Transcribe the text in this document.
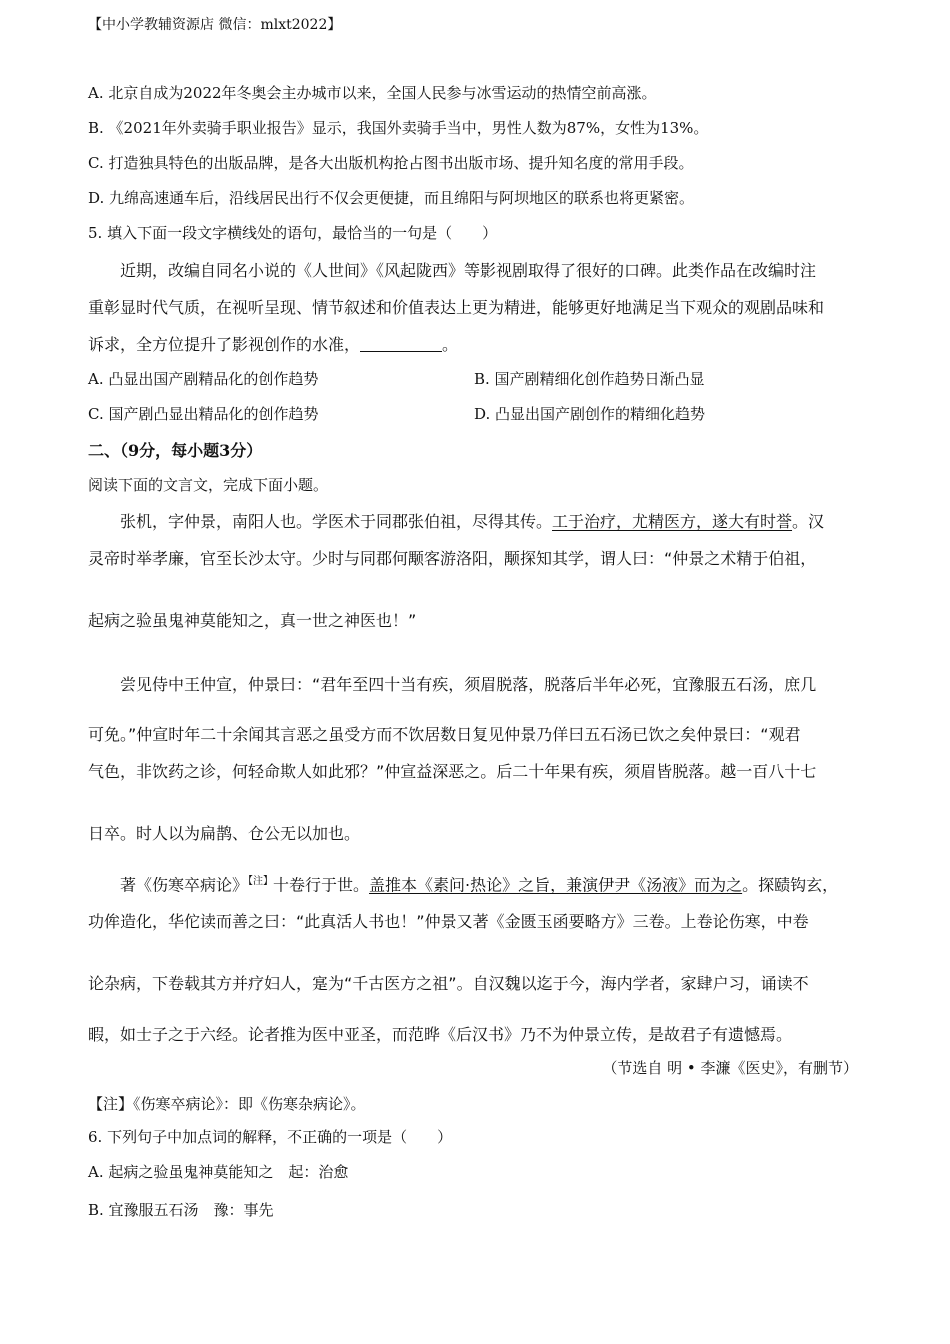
【中小学教辅资源店 微信：mlxt2022】
A. 北京自成为2022年冬奥会主办城市以来，全国人民参与冰雪运动的热情空前高涨。
B. 《2021年外卖骑手职业报告》显示，我国外卖骑手当中，男性人数为87%，女性为13%。
C. 打造独具特色的出版品牌，是各大出版机构抢占图书出版市场、提升知名度的常用手段。
D. 九绵高速通车后，沿线居民出行不仅会更便捷，而且绵阳与阿坝地区的联系也将更紧密。
5. 填入下面一段文字横线处的语句，最恰当的一句是（　　）
近期，改编自同名小说的《人世间》《风起陇西》等影视剧取得了很好的口碑。此类作品在改编时注
重彰显时代气质，在视听呈现、情节叙述和价值表达上更为精进，能够更好地满足当下观众的观剧品味和
诉求，全方位提升了影视创作的水准，	。
A. 凸显出国产剧精品化的创作趋势	B. 国产剧精细化创作趋势日渐凸显
C. 国产剧凸显出精品化的创作趋势	D. 凸显出国产剧创作的精细化趋势
二、（9分，每小题3分）
阅读下面的文言文，完成下面小题。
张机，字仲景，南阳人也。学医术于同郡张伯祖，尽得其传。工于治疗，尤精医方，遂大有时誉。汉
灵帝时举孝廉，官至长沙太守。少时与同郡何颙客游洛阳，颙探知其学，谓人曰：“仲景之术精于伯祖，
起病之验虽鬼神莫能知之，真一世之神医也！”
尝见侍中王仲宣，仲景曰：“君年至四十当有疾，须眉脱落，脱落后半年必死，宜豫服五石汤，庶几
可免。”仲宣时年二十余闻其言恶之虽受方而不饮居数日复见仲景乃佯曰五石汤已饮之矣仲景曰：“观君
气色，非饮药之诊，何轻命欺人如此邪？”仲宣益深恶之。后二十年果有疾，须眉皆脱落。越一百八十七
日卒。时人以为扁鹊、仓公无以加也。
著《伤寒卒病论》$^{【注】}$十卷行于世。盖推本《素问·热论》之旨，兼演伊尹《汤液》而为之。探赜钩玄，
功侔造化，华佗读而善之曰：“此真活人书也！”仲景又著《金匮玉函要略方》三卷。上卷论伤寒，中卷
论杂病，下卷载其方并疗妇人，寔为“千古医方之祖”。自汉魏以迄于今，海内学者，家肆户习，诵读不
暇，如士子之于六经。论者推为医中亚圣，而范晔《后汉书》乃不为仲景立传，是故君子有遗憾焉。
（节选自 明 • 李濂《医史》，有删节）
【注】《伤寒卒病论》：即《伤寒杂病论》。
6. 下列句子中加点词的解释，不正确的一项是（　　）
A. 起病之验虽鬼神莫能知之　起：治愈
B. 宜豫服五石汤　豫：事先
